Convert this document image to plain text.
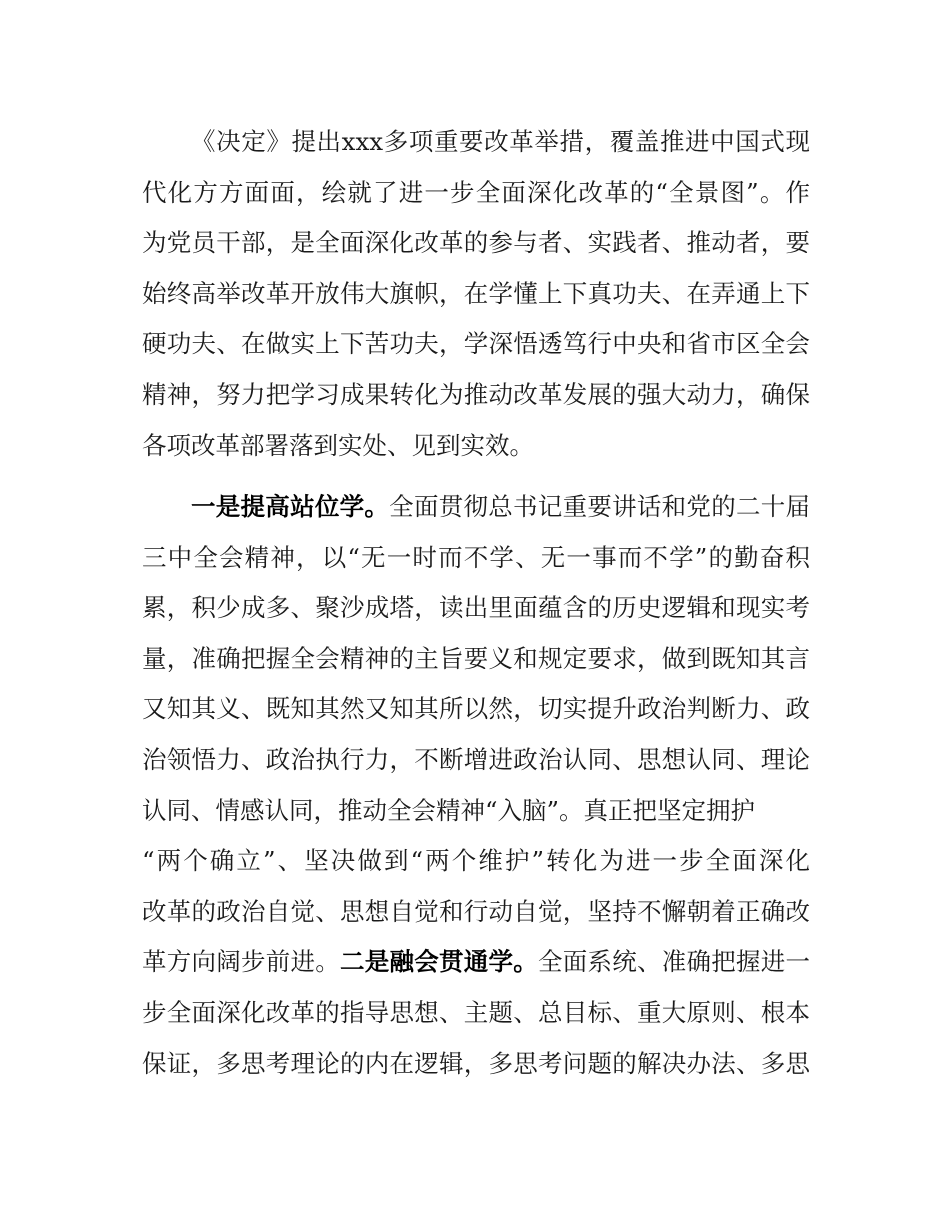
《决定》提出xxx多项重要改革举措，覆盖推进中国式现
代化方方面面，绘就了进一步全面深化改革的“全景图”。作
为党员干部，是全面深化改革的参与者、实践者、推动者，要
始终高举改革开放伟大旗帜，在学懂上下真功夫、在弄通上下
硬功夫、在做实上下苦功夫，学深悟透笃行中央和省市区全会
精神，努力把学习成果转化为推动改革发展的强大动力，确保
各项改革部署落到实处、见到实效。
一是提高站位学。全面贯彻总书记重要讲话和党的二十届
三中全会精神，以“无一时而不学、无一事而不学”的勤奋积
累，积少成多、聚沙成塔，读出里面蕴含的历史逻辑和现实考
量，准确把握全会精神的主旨要义和规定要求，做到既知其言
又知其义、既知其然又知其所以然，切实提升政治判断力、政
治领悟力、政治执行力，不断增进政治认同、思想认同、理论
认同、情感认同，推动全会精神“入脑”。真正把坚定拥护
“两个确立”、坚决做到“两个维护”转化为进一步全面深化
改革的政治自觉、思想自觉和行动自觉，坚持不懈朝着正确改
革方向阔步前进。二是融会贯通学。全面系统、准确把握进一
步全面深化改革的指导思想、主题、总目标、重大原则、根本
保证，多思考理论的内在逻辑，多思考问题的解决办法、多思
